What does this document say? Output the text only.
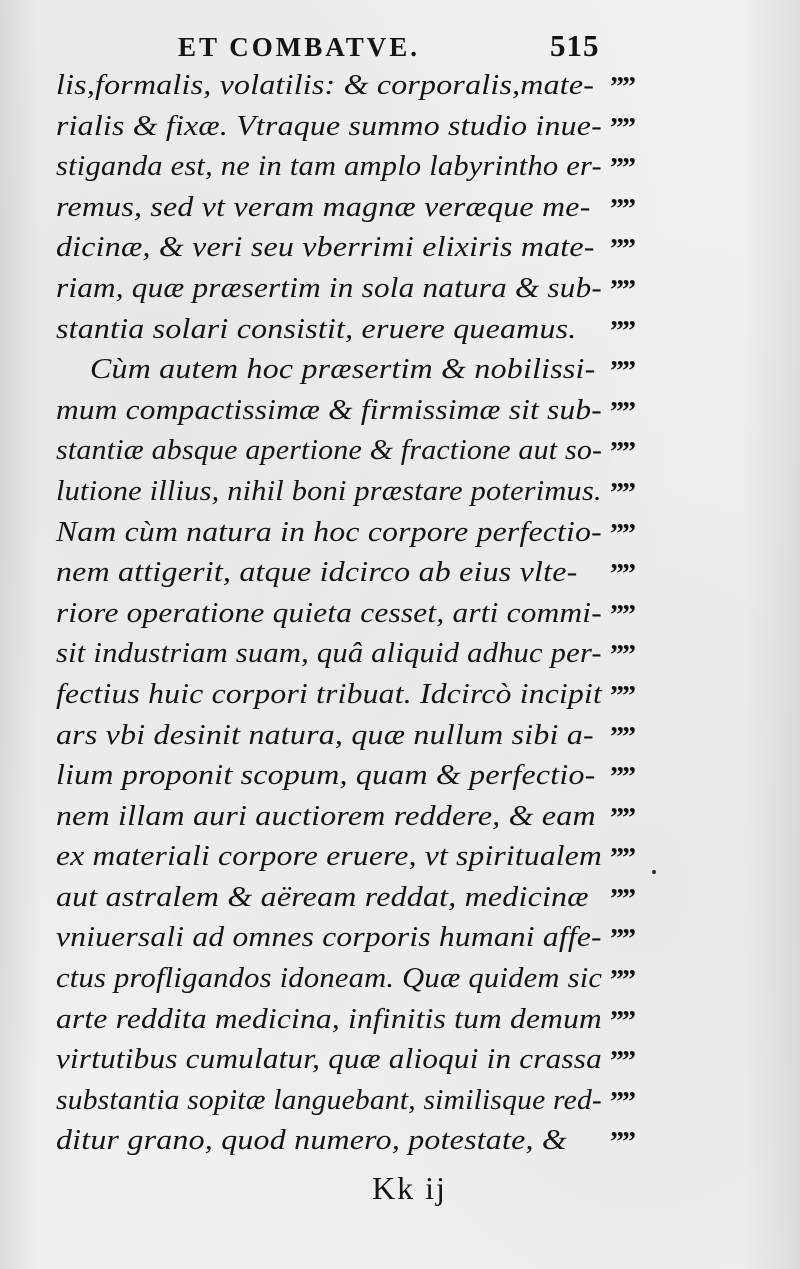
ET COMBATVE.	515
lis,formalis, volatilis: & corporalis,mate- ””
rialis & fixæ. Vtraque summo studio inue- ””
stiganda est, ne in tam amplo labyrintho er- ””
remus, sed vt veram magnæ veræque me- ””
dicinæ, & veri seu vberrimi elixiris mate- ””
riam, quæ præsertim in sola natura & sub- ””
stantia solari consistit, eruere queamus. ””
Cùm autem hoc præsertim & nobilissi- ””
mum compactissimæ & firmissimæ sit sub- ””
stantiæ absque apertione & fractione aut so- ””
lutione illius, nihil boni præstare poterimus. ””
Nam cùm natura in hoc corpore perfectio- ””
nem attigerit, atque idcirco ab eius vlte- ””
riore operatione quieta cesset, arti commi- ””
sit industriam suam, quâ aliquid adhuc per- ””
fectius huic corpori tribuat. Idcircò incipit ””
ars vbi desinit natura, quæ nullum sibi a- ””
lium proponit scopum, quam & perfectio- ””
nem illam auri auctiorem reddere, & eam ””
ex materiali corpore eruere, vt spiritualem ””
aut astralem & aëream reddat, medicinæ ””
vniuersali ad omnes corporis humani affe- ””
ctus profligandos idoneam. Quæ quidem sic ””
arte reddita medicina, infinitis tum demum ””
virtutibus cumulatur, quæ alioqui in crassa ””
substantia sopitæ languebant, similisque red- ””
ditur grano, quod numero, potestate, & ””
Kk ij
